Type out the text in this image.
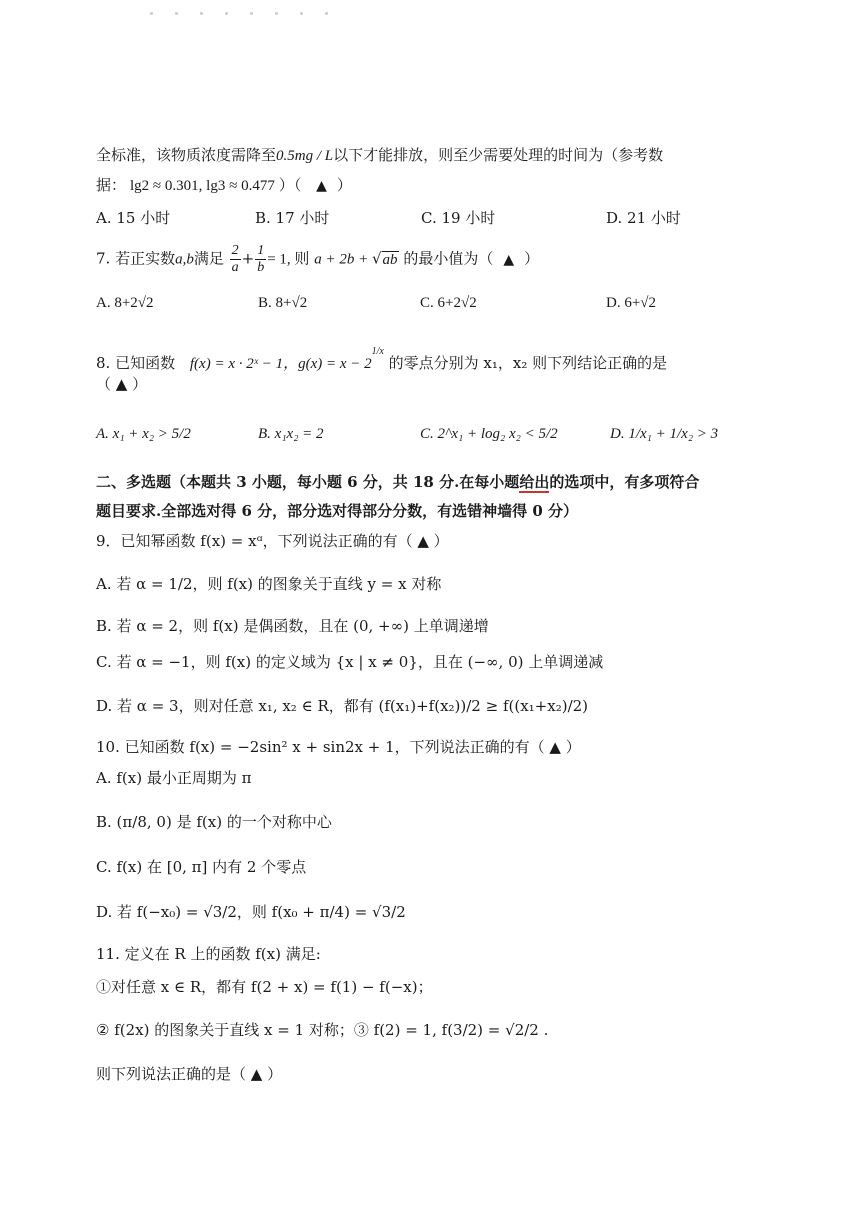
全标准，该物质浓度需降至0.5mg / L以下才能排放，则至少需要处理的时间为（参考数
据： lg2 ≈ 0.301, lg3 ≈ 0.477 ）（ ▲ ）
A. 15 小时	B. 17 小时	C. 19 小时	D. 21 小时
7. 若正实数a,b满足 $\frac{2}{a} + \frac{1}{b} = 1$, 则 a + 2b + √ab 的最小值为（ ▲ ）
A. 8+2√2	B. 8+√2	C. 6+2√2	D. 6+√2
8. 已知函数 f(x) = x · 2ˣ − 1，$g(x) = x - 2^{1/x}$ 的零点分别为 x₁，x₂ 则下列结论正确的是
（ ▲ ）
A. x₁ + x₂ > 5/2	B. x₁x₂ = 2	C. 2^x₁ + log₂ x₂ < 5/2	D. 1/x₁ + 1/x₂ > 3
二、多选题（本题共 3 小题，每小题 6 分，共 18 分.在每小题给出的选项中，有多项符合
题目要求.全部选对得 6 分，部分选对得部分分数，有选错神墙得 0 分）
9．已知幂函数 f(x) = xᵅ，下列说法正确的有（ ▲ ）
A. 若 α = 1/2，则 f(x) 的图象关于直线 y = x 对称
B. 若 α = 2，则 f(x) 是偶函数，且在 (0, +∞) 上单调递增
C. 若 α = −1，则 f(x) 的定义域为 {x | x ≠ 0}，且在 (−∞, 0) 上单调递减
D. 若 α = 3，则对任意 x₁, x₂ ∈ R，都有 (f(x₁)+f(x₂))/2 ≥ f((x₁+x₂)/2)
10. 已知函数 f(x) = −2sin² x + sin2x + 1，下列说法正确的有（ ▲ ）
A. f(x) 最小正周期为 π
B. (π/8, 0) 是 f(x) 的一个对称中心
C. f(x) 在 [0, π] 内有 2 个零点
D. 若 f(−x₀) = √3/2，则 f(x₀ + π/4) = √3/2
11. 定义在 R 上的函数 f(x) 满足:
①对任意 x ∈ R，都有 f(2 + x) = f(1) − f(−x)；
② f(2x) 的图象关于直线 x = 1 对称；③ f(2) = 1, f(3/2) = √2/2 .
则下列说法正确的是（ ▲ ）
